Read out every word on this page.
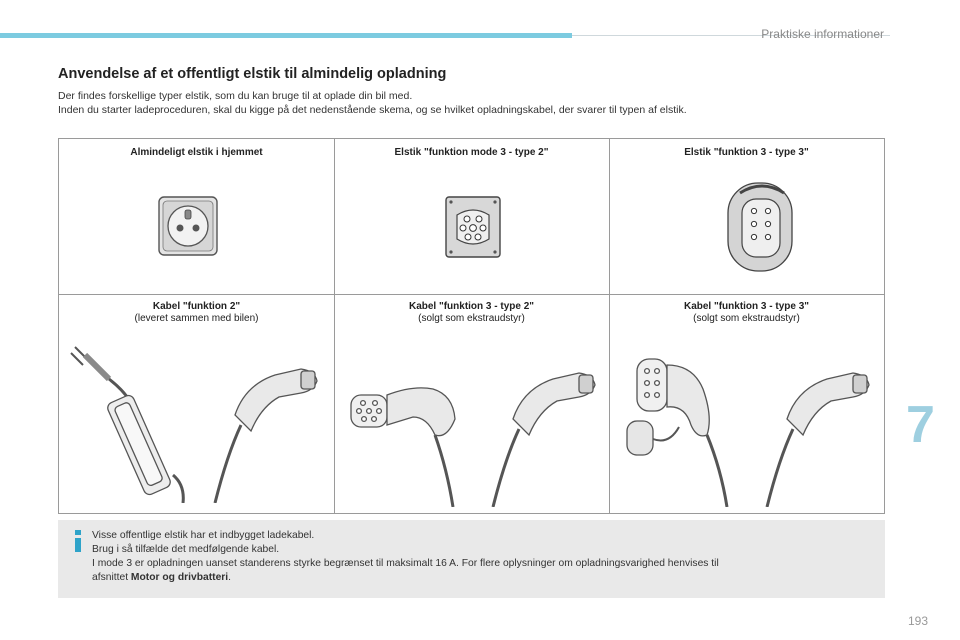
Praktiske informationer
Anvendelse af et offentligt elstik til almindelig opladning
Der findes forskellige typer elstik, som du kan bruge til at oplade din bil med.
Inden du starter ladeproceduren, skal du kigge på det nedenstående skema, og se hvilket opladningskabel, der svarer til typen af elstik.
Almindeligt elstik i hjemmet	Elstik "funktion mode 3 - type 2"	Elstik "funktion 3 - type 3"
Kabel "funktion 2"
(leveret sammen med bilen)
Kabel "funktion 3 - type 2"
(solgt som ekstraudstyr)
Kabel "funktion 3 - type 3"
(solgt som ekstraudstyr)
Visse offentlige elstik har et indbygget ladekabel.
Brug i så tilfælde det medfølgende kabel.
I mode 3 er opladningen uanset standerens styrke begrænset til maksimalt 16 A. For flere oplysninger om opladningsvarighed henvises til
afsnittet Motor og drivbatteri.
7
193
